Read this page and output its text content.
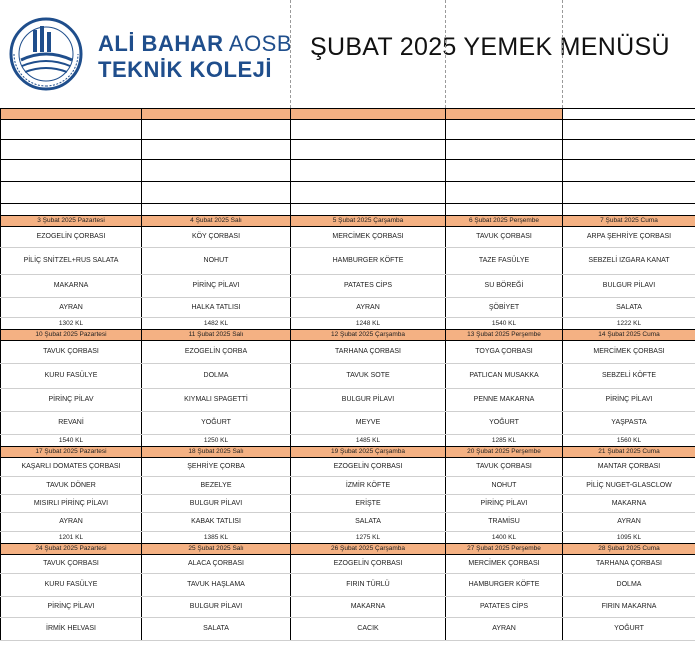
ALİ BAHAR AOSB
TEKNİK KOLEJİ
ŞUBAT 2025 YEMEK MENÜSÜ

3 Şubat 2025 Pazartesi	4 Şubat 2025 Salı	5 Şubat 2025 Çarşamba	6 Şubat 2025 Perşembe	7 Şubat 2025 Cuma
EZOGELİN ÇORBASI	KÖY ÇORBASI	MERCİMEK ÇORBASI	TAVUK ÇORBASI	ARPA ŞEHRİYE ÇORBASI
PİLİÇ SNİTZEL+RUS SALATA	NOHUT	HAMBURGER KÖFTE	TAZE FASÜLYE	SEBZELİ IZGARA KANAT
MAKARNA	PİRİNÇ PİLAVI	PATATES CİPS	SU BÖREĞİ	BULGUR PİLAVI
AYRAN	HALKA TATLISI	AYRAN	ŞÖBİYET	SALATA
1302 KL	1482 KL	1248 KL	1540 KL	1222 KL
10 Şubat 2025 Pazartesi	11 Şubat 2025 Salı	12 Şubat 2025 Çarşamba	13 Şubat 2025 Perşembe	14 Şubat 2025 Cuma
TAVUK ÇORBASI	EZOGELİN ÇORBA	TARHANA ÇORBASI	TOYGA ÇORBASI	MERCİMEK ÇORBASI
KURU FASÜLYE	DOLMA	TAVUK SOTE	PATLICAN MUSAKKA	SEBZELİ KÖFTE
PİRİNÇ PİLAV	KIYMALI SPAGETTİ	BULGUR PİLAVI	PENNE MAKARNA	PİRİNÇ PİLAVI
REVANİ	YOĞURT	MEYVE	YOĞURT	YAŞPASTA
1540 KL	1250 KL	1485 KL	1285 KL	1560 KL
17 Şubat 2025 Pazartesi	18 Şubat 2025 Salı	19 Şubat 2025 Çarşamba	20 Şubat 2025 Perşembe	21 Şubat 2025 Cuma
KAŞARLI DOMATES ÇORBASI	ŞEHRİYE ÇORBA	EZOGELİN ÇORBASI	TAVUK ÇORBASI	MANTAR ÇORBASI
TAVUK DÖNER	BEZELYE	İZMİR KÖFTE	NOHUT	PİLİÇ NUGET-GLASCLOW
MISIRLI PİRİNÇ PİLAVI	BULGUR PİLAVI	ERİŞTE	PİRİNÇ PİLAVI	MAKARNA
AYRAN	KABAK TATLISI	SALATA	TRAMİSU	AYRAN
1201 KL	1385 KL	1275 KL	1400 KL	1095 KL
24 Şubat 2025 Pazartesi	25 Şubat 2025 Salı	26 Şubat 2025 Çarşamba	27 Şubat 2025 Perşembe	28 Şubat 2025 Cuma
TAVUK ÇORBASI	ALACA ÇORBASI	EZOGELİN ÇORBASI	MERCİMEK ÇORBASI	TARHANA ÇORBASI
KURU FASÜLYE	TAVUK HAŞLAMA	FIRIN TÜRLÜ	HAMBURGER KÖFTE	DOLMA
PİRİNÇ PİLAVI	BULGUR PİLAVI	MAKARNA	PATATES CİPS	FIRIN MAKARNA
İRMİK HELVASI	SALATA	CACIK	AYRAN	YOĞURT
